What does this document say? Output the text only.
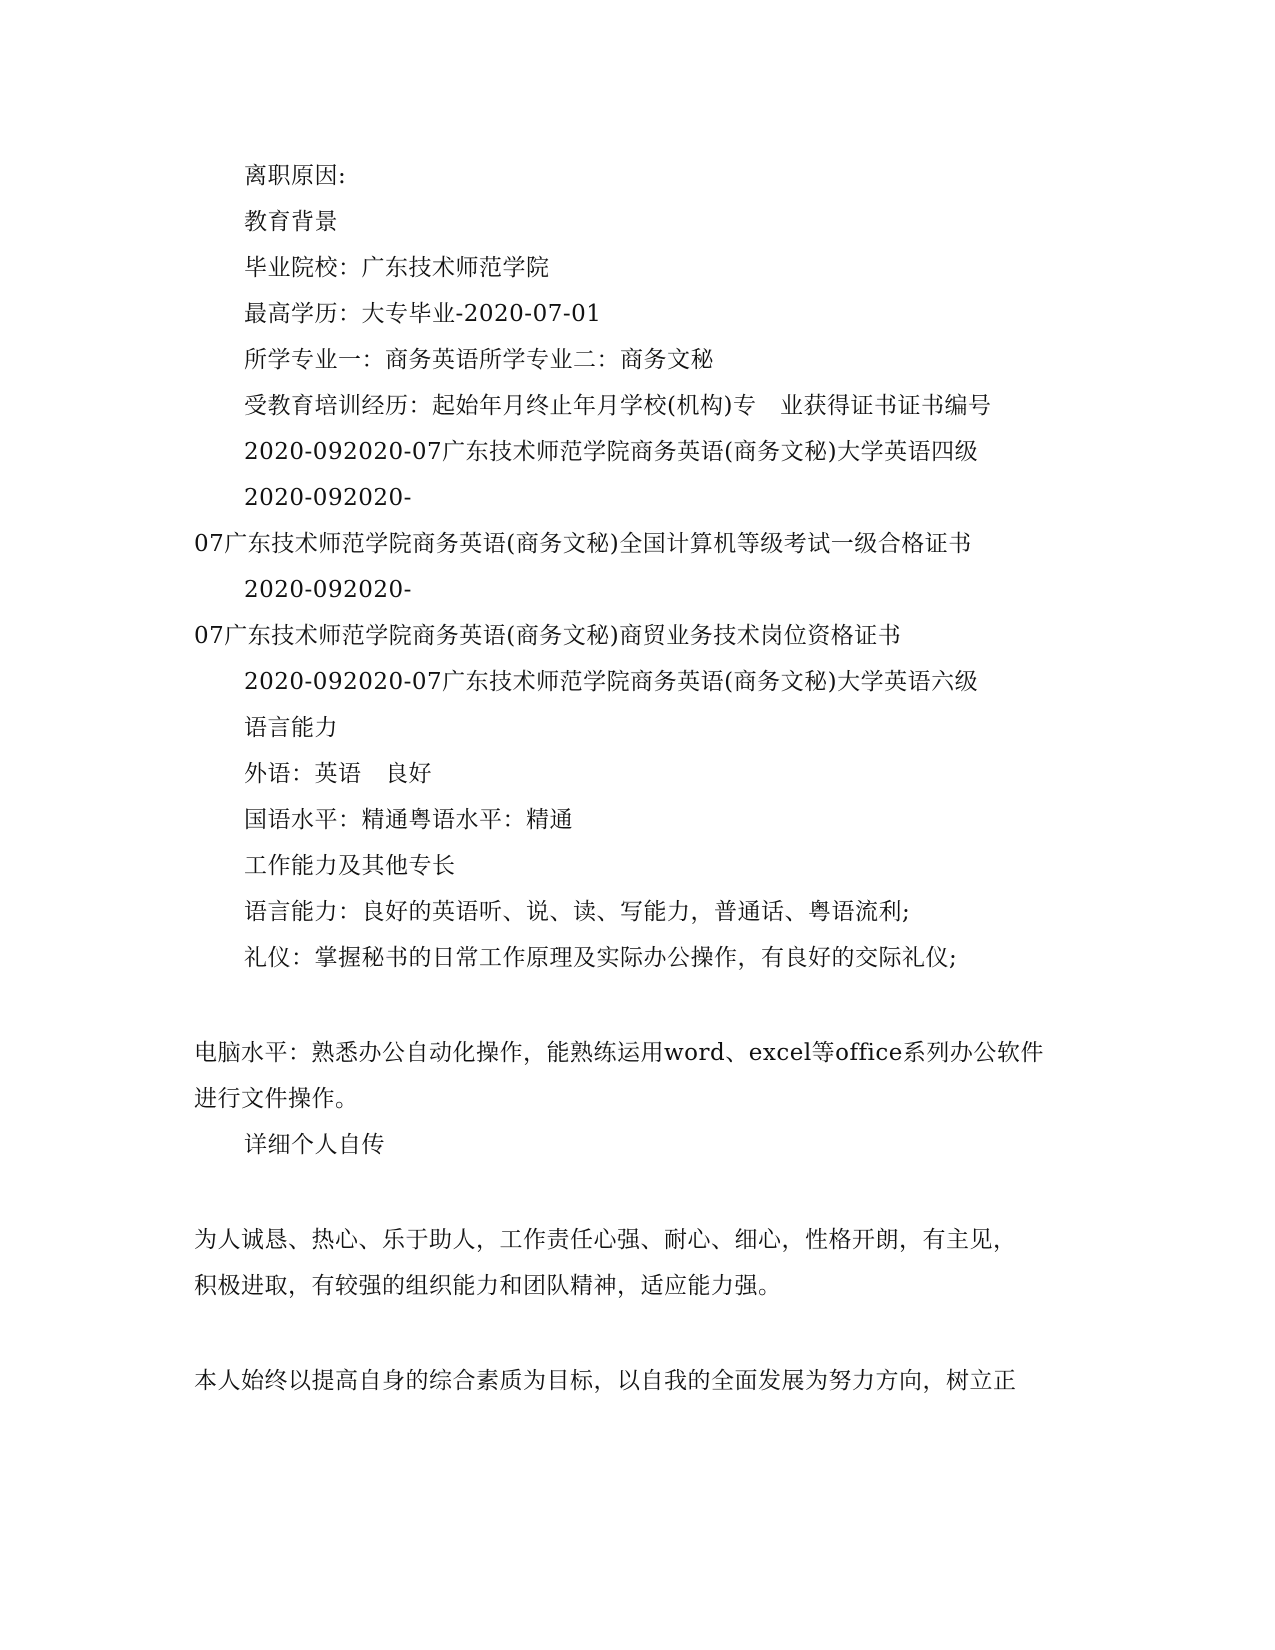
离职原因:
教育背景
毕业院校：广东技术师范学院
最高学历：大专毕业-2020-07-01
所学专业一：商务英语所学专业二：商务文秘
受教育培训经历：起始年月终止年月学校(机构)专　业获得证书证书编号
2020-092020-07广东技术师范学院商务英语(商务文秘)大学英语四级
2020-092020-
07广东技术师范学院商务英语(商务文秘)全国计算机等级考试一级合格证书
2020-092020-
07广东技术师范学院商务英语(商务文秘)商贸业务技术岗位资格证书
2020-092020-07广东技术师范学院商务英语(商务文秘)大学英语六级
语言能力
外语：英语　良好
国语水平：精通粤语水平：精通
工作能力及其他专长
语言能力：良好的英语听、说、读、写能力，普通话、粤语流利;
礼仪：掌握秘书的日常工作原理及实际办公操作，有良好的交际礼仪;
电脑水平：熟悉办公自动化操作，能熟练运用word、excel等office系列办公软件
进行文件操作。
详细个人自传
为人诚恳、热心、乐于助人，工作责任心强、耐心、细心，性格开朗，有主见，
积极进取，有较强的组织能力和团队精神，适应能力强。
本人始终以提高自身的综合素质为目标，以自我的全面发展为努力方向，树立正
